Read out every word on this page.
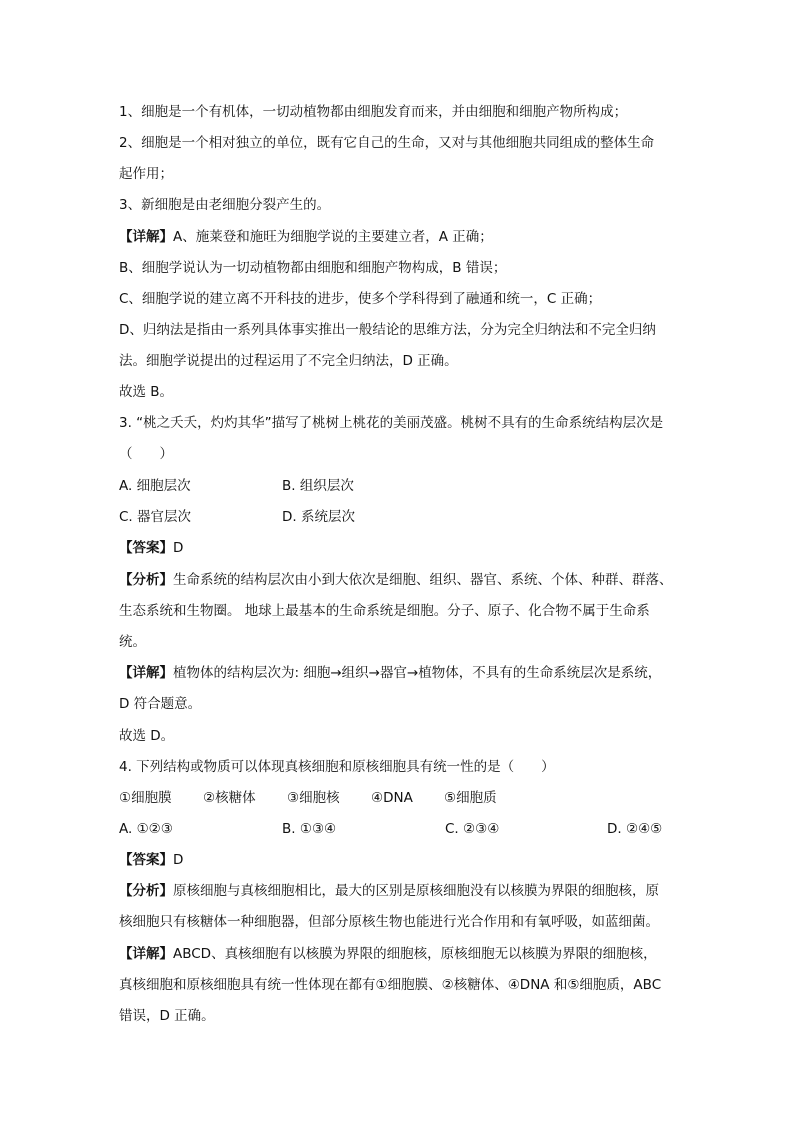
1、细胞是一个有机体，一切动植物都由细胞发育而来，并由细胞和细胞产物所构成；
2、细胞是一个相对独立的单位，既有它自己的生命，又对与其他细胞共同组成的整体生命
起作用；
3、新细胞是由老细胞分裂产生的。
【详解】A、施莱登和施旺为细胞学说的主要建立者，A 正确；
B、细胞学说认为一切动植物都由细胞和细胞产物构成，B 错误；
C、细胞学说的建立离不开科技的进步，使多个学科得到了融通和统一，C 正确；
D、归纳法是指由一系列具体事实推出一般结论的思维方法，分为完全归纳法和不完全归纳
法。细胞学说提出的过程运用了不完全归纳法，D 正确。
故选 B。
3. “桃之夭夭，灼灼其华”描写了桃树上桃花的美丽茂盛。桃树不具有的生命系统结构层次是
（　　）
A. 细胞层次	B. 组织层次
C. 器官层次	D. 系统层次
【答案】D
【分析】生命系统的结构层次由小到大依次是细胞、组织、器官、系统、个体、种群、群落、
生态系统和生物圈。 地球上最基本的生命系统是细胞。分子、原子、化合物不属于生命系
统。
【详解】植物体的结构层次为: 细胞→组织→器官→植物体，不具有的生命系统层次是系统，
D 符合题意。
故选 D。
4. 下列结构或物质可以体现真核细胞和原核细胞具有统一性的是（　　）
①细胞膜 ②核糖体 ③细胞核 ④DNA ⑤细胞质
A. ①②③	B. ①③④	C. ②③④	D. ②④⑤
【答案】D
【分析】原核细胞与真核细胞相比，最大的区别是原核细胞没有以核膜为界限的细胞核，原
核细胞只有核糖体一种细胞器，但部分原核生物也能进行光合作用和有氧呼吸，如蓝细菌。
【详解】ABCD、真核细胞有以核膜为界限的细胞核，原核细胞无以核膜为界限的细胞核，
真核细胞和原核细胞具有统一性体现在都有①细胞膜、②核糖体、④DNA 和⑤细胞质，ABC
错误，D 正确。
